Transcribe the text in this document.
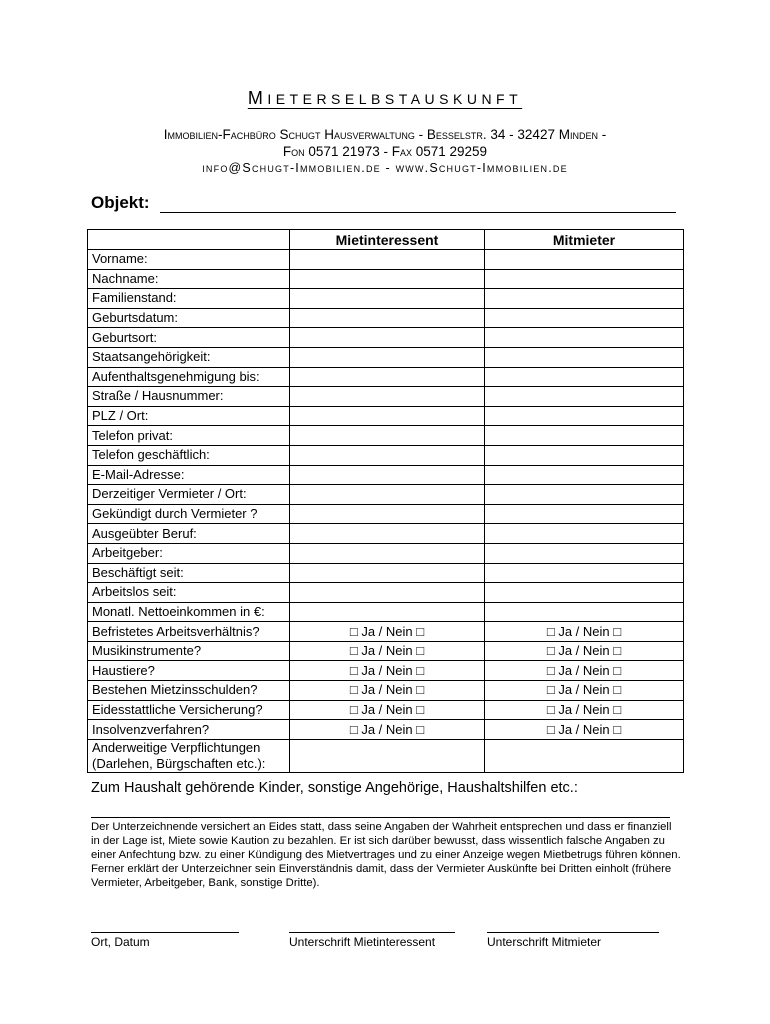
MIETERSELBSTAUSKUNFT
Immobilien-Fachbüro Schugt Hausverwaltung - Besselstr. 34 - 32427 Minden -
Fon 0571 21973 - Fax 0571 29259
info@Schugt-Immobilien.de - www.Schugt-Immobilien.de
Objekt:
	Mietinteressent	Mitmieter
Vorname:		
Nachname:		
Familienstand:		
Geburtsdatum:		
Geburtsort:		
Staatsangehörigkeit:		
Aufenthaltsgenehmigung bis:		
Straße / Hausnummer:		
PLZ / Ort:		
Telefon privat:		
Telefon geschäftlich:		
E-Mail-Adresse:		
Derzeitiger Vermieter / Ort:		
Gekündigt durch Vermieter ?		
Ausgeübter Beruf:		
Arbeitgeber:		
Beschäftigt seit:		
Arbeitslos seit:		
Monatl. Nettoeinkommen in €:		
Befristetes Arbeitsverhältnis?	□ Ja / Nein □	□ Ja / Nein □
Musikinstrumente?	□ Ja / Nein □	□ Ja / Nein □
Haustiere?	□ Ja / Nein □	□ Ja / Nein □
Bestehen Mietzinsschulden?	□ Ja / Nein □	□ Ja / Nein □
Eidesstattliche Versicherung?	□ Ja / Nein □	□ Ja / Nein □
Insolvenzverfahren?	□ Ja / Nein □	□ Ja / Nein □

Anderweitige Verpflichtungen
(Darlehen, Bürgschaften etc.):		

Zum Haushalt gehörende Kinder, sonstige Angehörige, Haushaltshilfen etc.:
Der Unterzeichnende versichert an Eides statt, dass seine Angaben der Wahrheit entsprechen und dass er finanziell in der Lage ist, Miete sowie Kaution zu bezahlen. Er ist sich darüber bewusst, dass wissentlich falsche Angaben zu einer Anfechtung bzw. zu einer Kündigung des Mietvertrages und zu einer Anzeige wegen Mietbetrugs führen können. Ferner erklärt der Unterzeichner sein Einverständnis damit, dass der Vermieter Auskünfte bei Dritten einholt (frühere Vermieter, Arbeitgeber, Bank, sonstige Dritte).
Ort, Datum	Unterschrift Mietinteressent	Unterschrift Mitmieter
